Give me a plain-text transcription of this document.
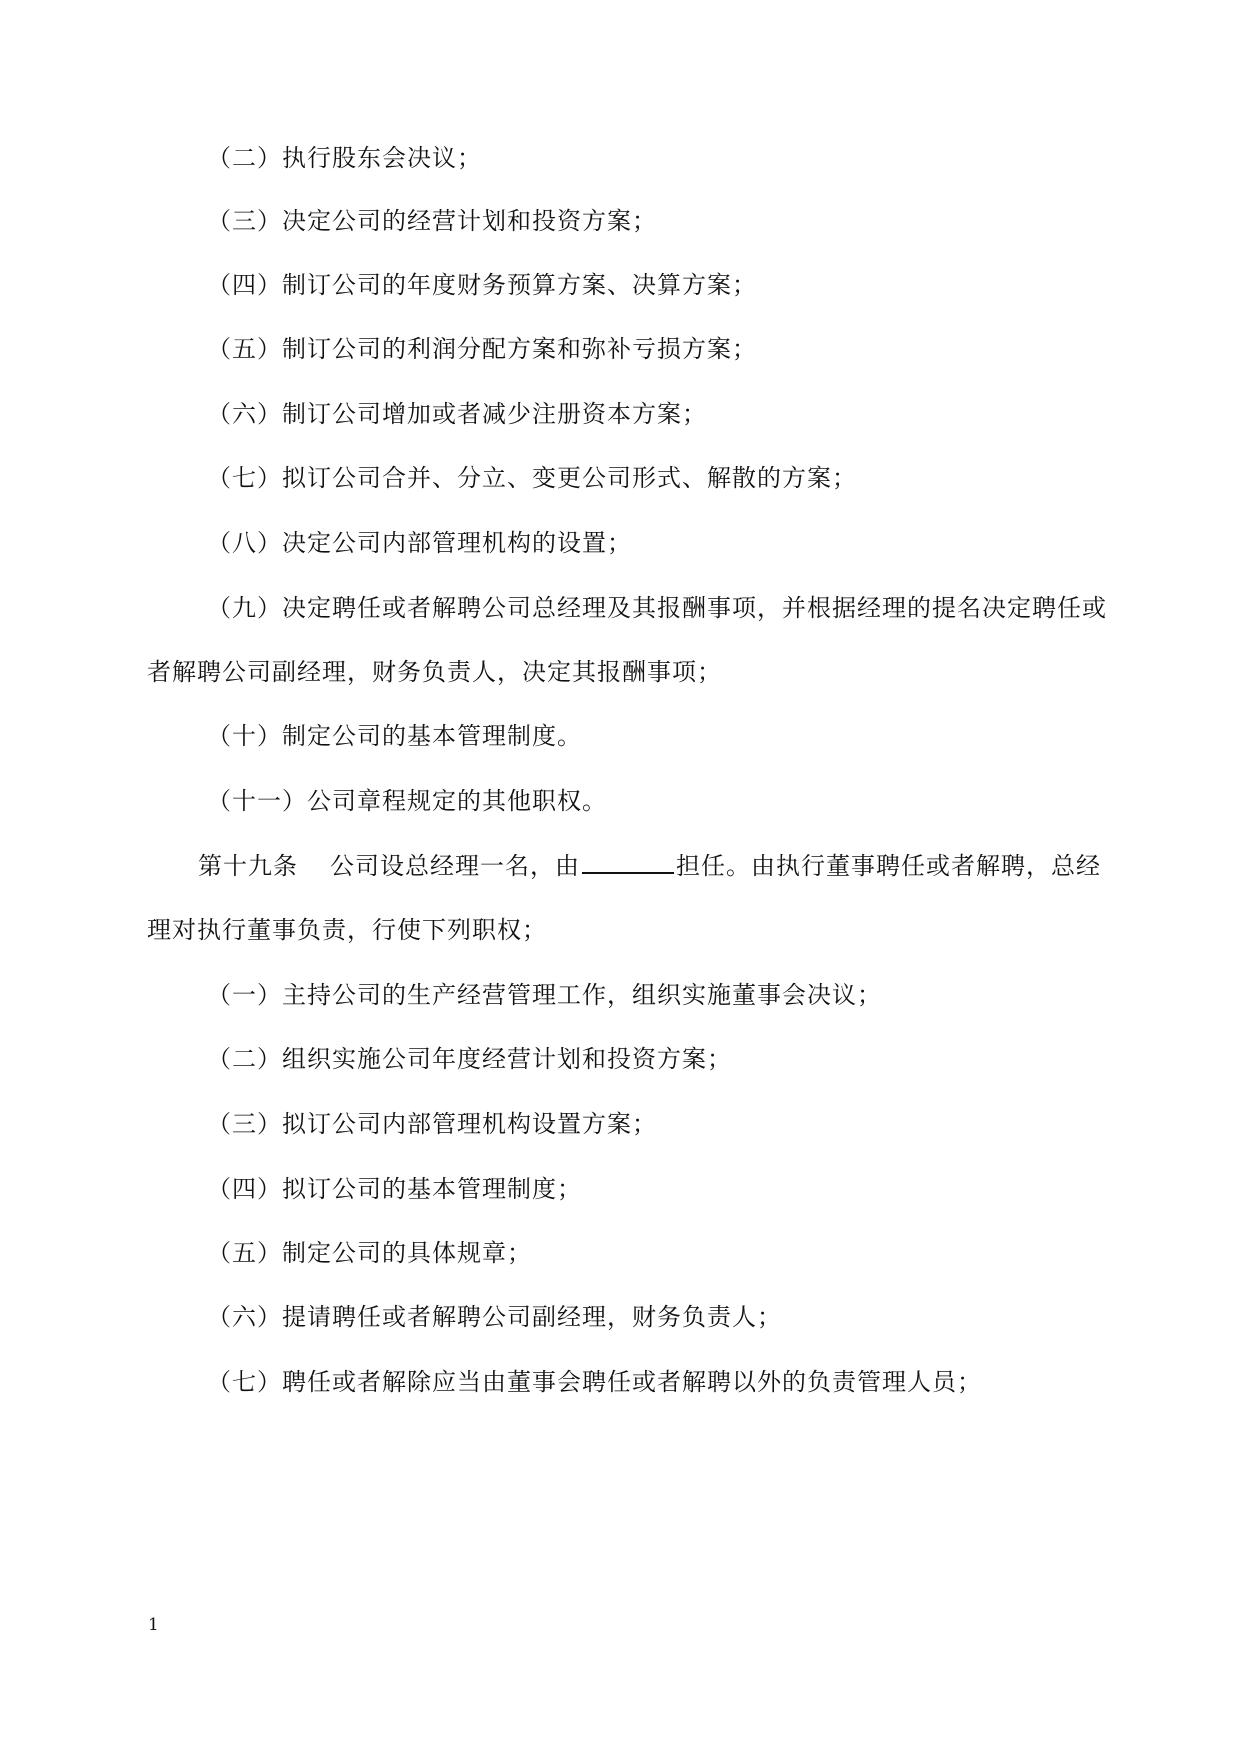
（二）执行股东会决议；
（三）决定公司的经营计划和投资方案；
（四）制订公司的年度财务预算方案、决算方案；
（五）制订公司的利润分配方案和弥补亏损方案；
（六）制订公司增加或者减少注册资本方案；
（七）拟订公司合并、分立、变更公司形式、解散的方案；
（八）决定公司内部管理机构的设置；
（九）决定聘任或者解聘公司总经理及其报酬事项，并根据经理的提名决定聘任或
者解聘公司副经理，财务负责人，决定其报酬事项；
（十）制定公司的基本管理制度。
（十一）公司章程规定的其他职权。
第十九条 公司设总经理一名，由	担任。由执行董事聘任或者解聘，总经
理对执行董事负责，行使下列职权；
（一）主持公司的生产经营管理工作，组织实施董事会决议；
（二）组织实施公司年度经营计划和投资方案；
（三）拟订公司内部管理机构设置方案；
（四）拟订公司的基本管理制度；
（五）制定公司的具体规章；
（六）提请聘任或者解聘公司副经理，财务负责人；
（七）聘任或者解除应当由董事会聘任或者解聘以外的负责管理人员；
1
